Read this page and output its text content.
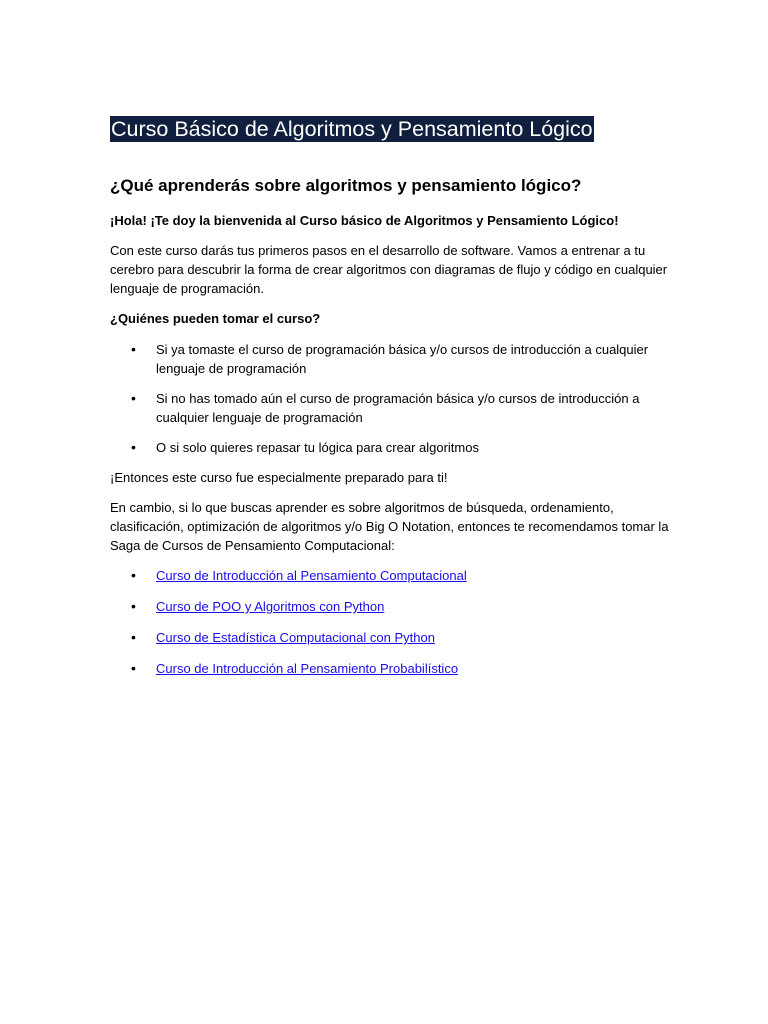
Curso Básico de Algoritmos y Pensamiento Lógico
¿Qué aprenderás sobre algoritmos y pensamiento lógico?

¡Hola! ¡Te doy la bienvenida al Curso básico de Algoritmos y Pensamiento Lógico!

Con este curso darás tus primeros pasos en el desarrollo de software. Vamos a entrenar a tu cerebro para descubrir la forma de crear algoritmos con diagramas de flujo y código en cualquier lenguaje de programación.

¿Quiénes pueden tomar el curso?

• Si ya tomaste el curso de programación básica y/o cursos de introducción a cualquier lenguaje de programación
• Si no has tomado aún el curso de programación básica y/o cursos de introducción a cualquier lenguaje de programación
• O si solo quieres repasar tu lógica para crear algoritmos

¡Entonces este curso fue especialmente preparado para ti!

En cambio, si lo que buscas aprender es sobre algoritmos de búsqueda, ordenamiento, clasificación, optimización de algoritmos y/o Big O Notation, entonces te recomendamos tomar la Saga de Cursos de Pensamiento Computacional:

• Curso de Introducción al Pensamiento Computacional
• Curso de POO y Algoritmos con Python
• Curso de Estadística Computacional con Python
• Curso de Introducción al Pensamiento Probabilístico
